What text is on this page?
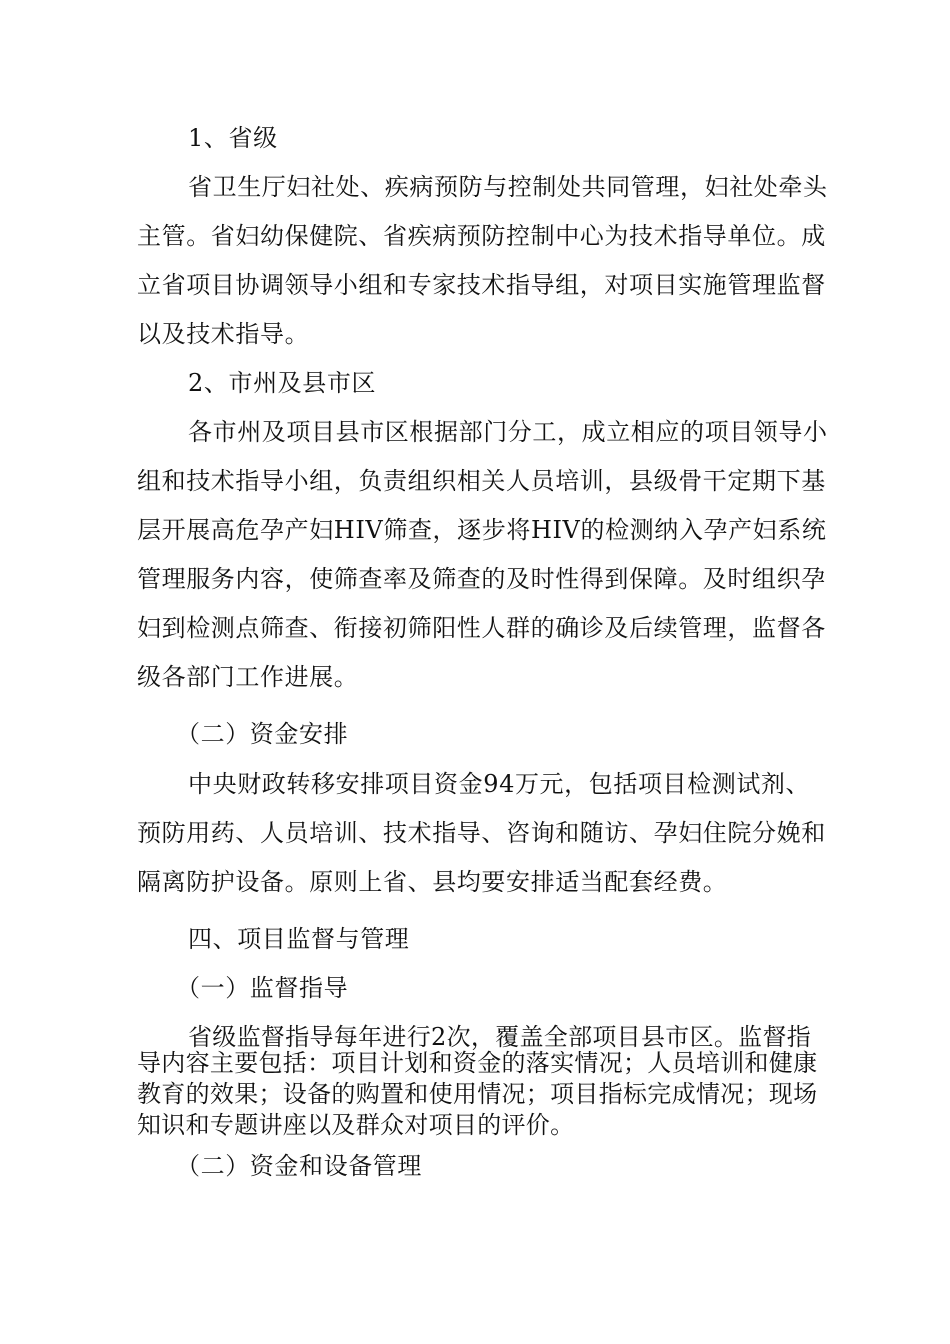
1、省级
省卫生厅妇社处、疾病预防与控制处共同管理，妇社处牵头
主管。省妇幼保健院、省疾病预防控制中心为技术指导单位。成
立省项目协调领导小组和专家技术指导组，对项目实施管理监督
以及技术指导。
2、市州及县市区
各市州及项目县市区根据部门分工，成立相应的项目领导小
组和技术指导小组，负责组织相关人员培训，县级骨干定期下基
层开展高危孕产妇HIV筛查，逐步将HIV的检测纳入孕产妇系统
管理服务内容，使筛查率及筛查的及时性得到保障。及时组织孕
妇到检测点筛查、衔接初筛阳性人群的确诊及后续管理，监督各
级各部门工作进展。
（二）资金安排
中央财政转移安排项目资金94万元，包括项目检测试剂、
预防用药、人员培训、技术指导、咨询和随访、孕妇住院分娩和
隔离防护设备。原则上省、县均要安排适当配套经费。
四、项目监督与管理
（一）监督指导
省级监督指导每年进行2次，覆盖全部项目县市区。监督指
导内容主要包括：项目计划和资金的落实情况；人员培训和健康
教育的效果；设备的购置和使用情况；项目指标完成情况；现场
知识和专题讲座以及群众对项目的评价。
（二）资金和设备管理
